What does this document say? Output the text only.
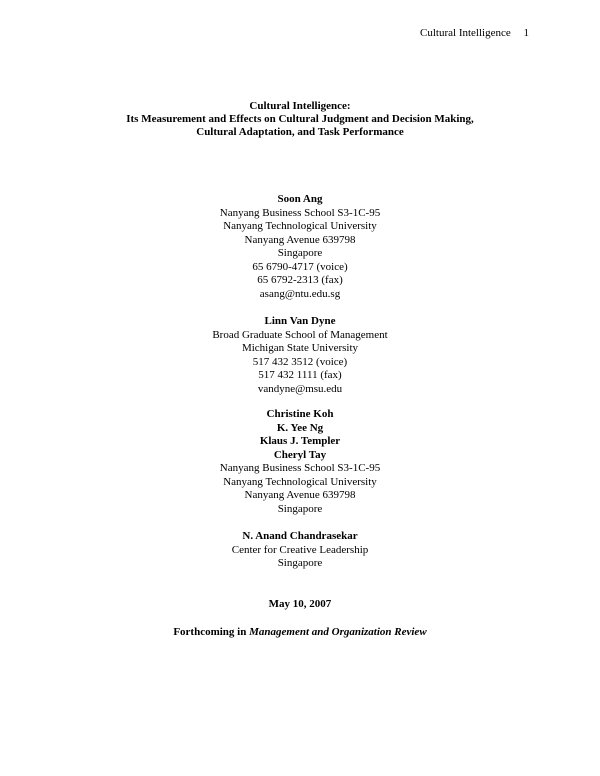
Cultural Intelligence 1
Cultural Intelligence:
Its Measurement and Effects on Cultural Judgment and Decision Making,
Cultural Adaptation, and Task Performance
Soon Ang
Nanyang Business School S3-1C-95
Nanyang Technological University
Nanyang Avenue 639798
Singapore
65 6790-4717 (voice)
65 6792-2313 (fax)
asang@ntu.edu.sg
Linn Van Dyne
Broad Graduate School of Management
Michigan State University
517 432 3512 (voice)
517 432 1111 (fax)
vandyne@msu.edu
Christine Koh
K. Yee Ng
Klaus J. Templer
Cheryl Tay
Nanyang Business School S3-1C-95
Nanyang Technological University
Nanyang Avenue 639798
Singapore
N. Anand Chandrasekar
Center for Creative Leadership
Singapore
May 10, 2007
Forthcoming in Management and Organization Review
